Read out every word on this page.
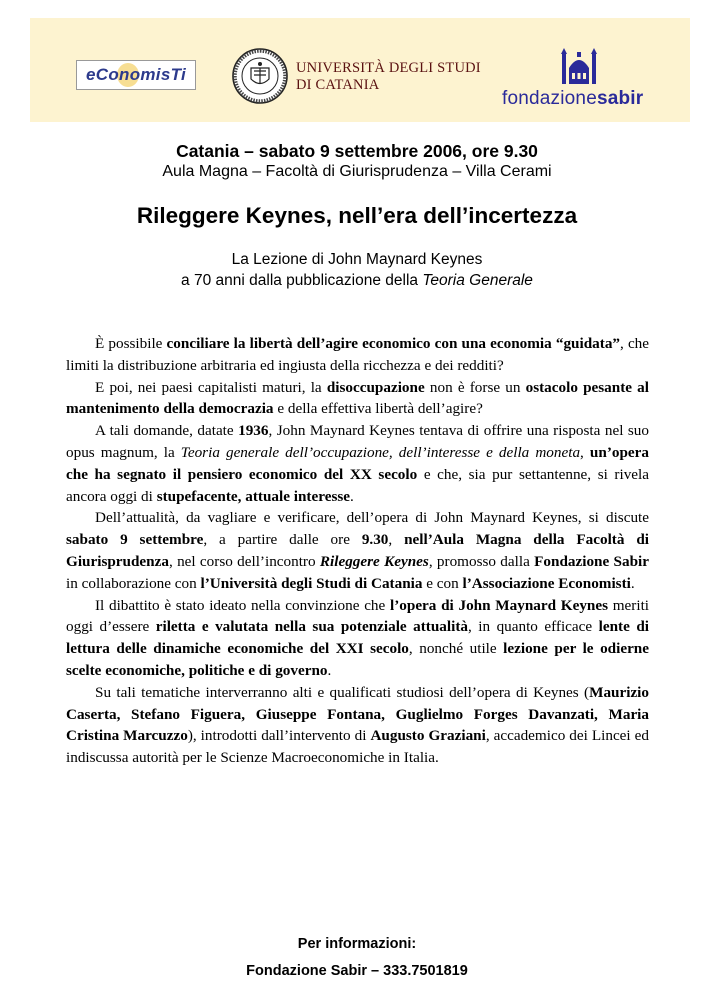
eConomisTi	UNIVERSITÀ DEGLI STUDI
DI CATANIA
fondazionesabir
Catania – sabato 9 settembre 2006, ore 9.30
Aula Magna – Facoltà di Giurisprudenza – Villa Cerami
Rileggere Keynes, nell’era dell’incertezza
La Lezione di John Maynard Keynes
a 70 anni dalla pubblicazione della Teoria Generale

È possibile conciliare la libertà dell’agire economico con una economia “guidata”, che limiti la distribuzione arbitraria ed ingiusta della ricchezza e dei redditi?

E poi, nei paesi capitalisti maturi, la disoccupazione non è forse un ostacolo pesante al mantenimento della democrazia e della effettiva libertà dell’agire?

A tali domande, datate 1936, John Maynard Keynes tentava di offrire una risposta nel suo opus magnum, la Teoria generale dell’occupazione, dell’interesse e della moneta, un’opera che ha segnato il pensiero economico del XX secolo e che, sia pur settantenne, si rivela ancora oggi di stupefacente, attuale interesse.

Dell’attualità, da vagliare e verificare, dell’opera di John Maynard Keynes, si discute sabato 9 settembre, a partire dalle ore 9.30, nell’Aula Magna della Facoltà di Giurisprudenza, nel corso dell’incontro Rileggere Keynes, promosso dalla Fondazione Sabir in collaborazione con l’Università degli Studi di Catania e con l’Associazione Economisti.

Il dibattito è stato ideato nella convinzione che l’opera di John Maynard Keynes meriti oggi d’essere riletta e valutata nella sua potenziale attualità, in quanto efficace lente di lettura delle dinamiche economiche del XXI secolo, nonché utile lezione per le odierne scelte economiche, politiche e di governo.

Su tali tematiche interverranno alti e qualificati studiosi dell’opera di Keynes (Maurizio Caserta, Stefano Figuera, Giuseppe Fontana, Guglielmo Forges Davanzati, Maria Cristina Marcuzzo), introdotti dall’intervento di Augusto Graziani, accademico dei Lincei ed indiscussa autorità per le Scienze Macroeconomiche in Italia.

Per informazioni:
Fondazione Sabir – 333.7501819
